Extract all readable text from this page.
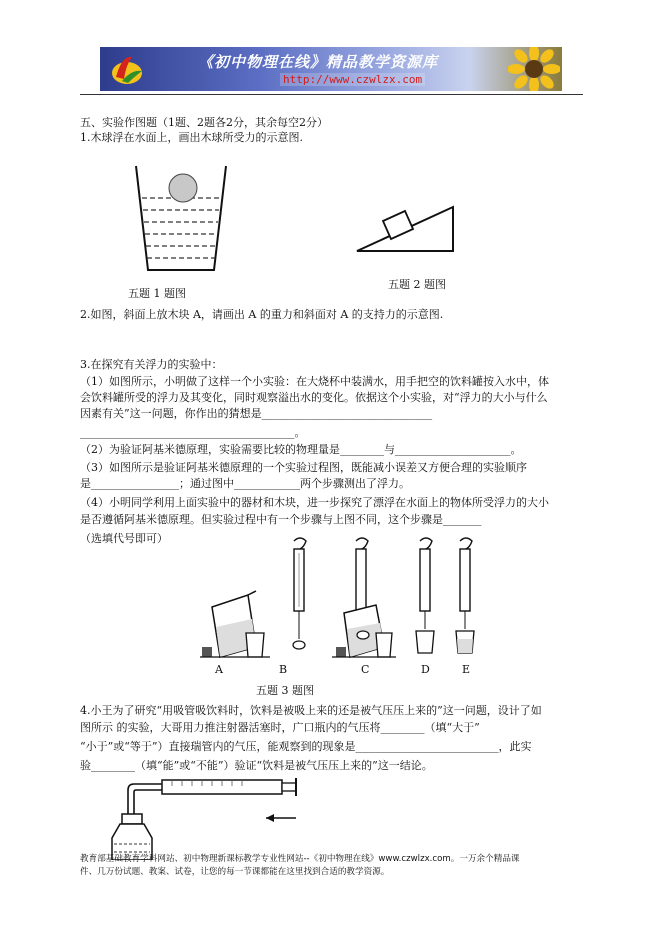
《初中物理在线》精品教学资源库
http://www.czwlzx.com
五、实验作图题（1题、2题各2分，其余每空2分）
1.木球浮在水面上，画出木球所受力的示意图.
五题 1 题图
五题 2 题图
2.如图，斜面上放木块 A，请画出 A 的重力和斜面对 A 的支持力的示意图.
3.在探究有关浮力的实验中：
（1）如图所示，小明做了这样一个小实验：在大烧杯中装满水，用手把空的饮料罐按入水中，体
会饮料罐所受的浮力及其变化，同时观察溢出水的变化。依据这个小实验，对“浮力的大小与什么
因素有关”这一问题，你作出的猜想是_______________________________
_______________________________________。
（2）为验证阿基米德原理，实验需要比较的物理量是________与_____________________。
（3）如图所示是验证阿基米德原理的一个实验过程图，既能减小误差又方便合理的实验顺序
是________________；通过图中____________两个步骤测出了浮力。
（4）小明同学利用上面实验中的器材和木块，进一步探究了漂浮在水面上的物体所受浮力的大小
是否遵循阿基米德原理。但实验过程中有一个步骤与上图不同，这个步骤是_______
（选填代号即可）
A	B	C	D	E
五题 3 题图
4.小王为了研究“用吸管吸饮料时，饮料是被吸上来的还是被气压压上来的”这一问题，设计了如
图所示 的实验，大哥用力推注射器活塞时，广口瓶内的气压将________（填“大于”
“小于”或“等于”）直接瑞管内的气压，能观察到的现象是__________________________，此实
验________（填“能”或“不能”）验证“饮料是被气压压上来的”这一结论。
教育部基础教育学科网站、初中物理新课标教学专业性网站--《初中物理在线》www.czwlzx.com。一万余个精品课
件、几万份试题、教案、试卷，让您的每一节课都能在这里找到合适的教学资源。
